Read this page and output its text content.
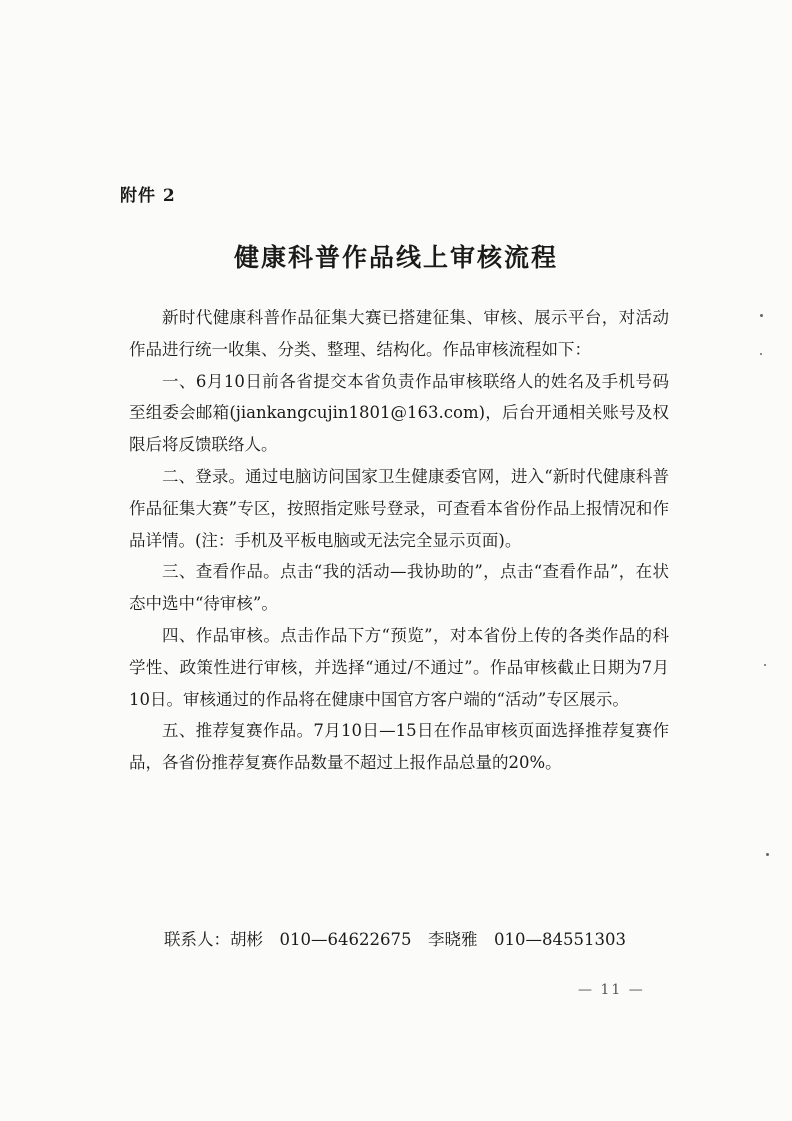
附件 2
健康科普作品线上审核流程

新时代健康科普作品征集大赛已搭建征集、审核、展示平台，对活动作品进行统一收集、分类、整理、结构化。作品审核流程如下：

一、6月10日前各省提交本省负责作品审核联络人的姓名及手机号码至组委会邮箱(jiankangcujin1801@163.com)，后台开通相关账号及权限后将反馈联络人。

二、登录。通过电脑访问国家卫生健康委官网，进入“新时代健康科普作品征集大赛”专区，按照指定账号登录，可查看本省份作品上报情况和作品详情。(注：手机及平板电脑或无法完全显示页面)。

三、查看作品。点击“我的活动—我协助的”，点击“查看作品”，在状态中选中“待审核”。

四、作品审核。点击作品下方“预览”，对本省份上传的各类作品的科学性、政策性进行审核，并选择“通过/不通过”。作品审核截止日期为7月10日。审核通过的作品将在健康中国官方客户端的“活动”专区展示。

五、推荐复赛作品。7月10日—15日在作品审核页面选择推荐复赛作品，各省份推荐复赛作品数量不超过上报作品总量的20%。

联系人：胡彬　010—64622675　李晓雅　010—84551303
— 11 —
